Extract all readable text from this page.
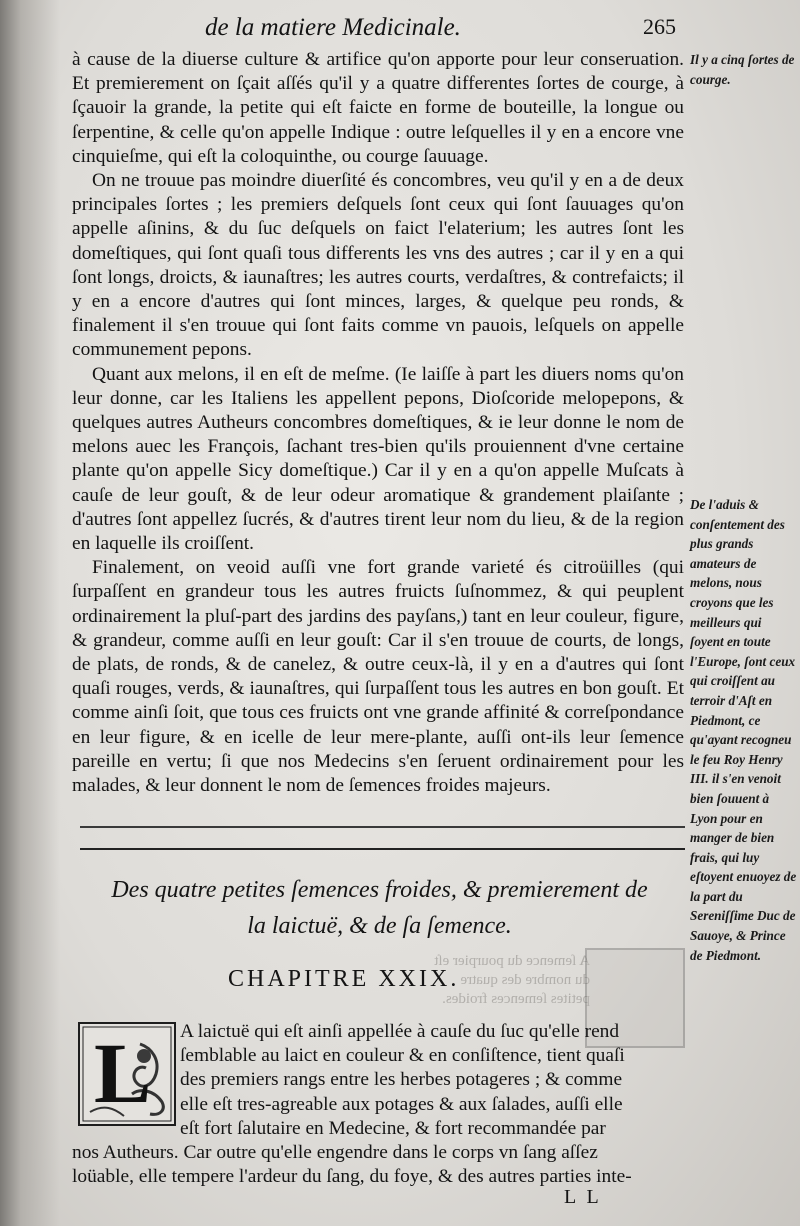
de la matiere Medicinale.	265

à cause de la diuerse culture & artifice qu'on apporte pour leur conseruation. Et premierement on ſçait aſſés qu'il y a quatre differentes ſortes de courge, à ſçauoir la grande, la petite qui eſt faicte en forme de bouteille, la longue ou ſerpentine, & celle qu'on appelle Indique : outre leſquelles il y en a encore vne cinquieſme, qui eſt la coloquinthe, ou courge ſauuage.

On ne trouue pas moindre diuerſité és concombres, veu qu'il y en a de deux principales ſortes ; les premiers deſquels ſont ceux qui ſont ſauuages qu'on appelle aſinins, & du ſuc deſquels on faict l'elaterium; les autres ſont les domeſtiques, qui ſont quaſi tous differents les vns des autres ; car il y en a qui ſont longs, droicts, & iaunaſtres; les autres courts, verdaſtres, & contrefaicts; il y en a encore d'autres qui ſont minces, larges, & quelque peu ronds, & finalement il s'en trouue qui ſont faits comme vn pauois, leſquels on appelle communement pepons.

Quant aux melons, il en eſt de meſme. (Ie laiſſe à part les diuers noms qu'on leur donne, car les Italiens les appellent pepons, Dioſcoride melopepons, & quelques autres Autheurs concombres domeſtiques, & ie leur donne le nom de melons auec les François, ſachant tres-bien qu'ils prouiennent d'vne certaine plante qu'on appelle Sicy domeſtique.) Car il y en a qu'on appelle Muſcats à cauſe de leur gouſt, & de leur odeur aromatique & grandement plaiſante ; d'autres ſont appellez ſucrés, & d'autres tirent leur nom du lieu, & de la region en laquelle ils croiſſent.

Finalement, on veoid auſſi vne fort grande varieté és citroüilles (qui ſurpaſſent en grandeur tous les autres fruicts ſuſnommez, & qui peuplent ordinairement la pluſ-part des jardins des payſans,) tant en leur couleur, figure, & grandeur, comme auſſi en leur gouſt: Car il s'en trouue de courts, de longs, de plats, de ronds, & de canelez, & outre ceux-là, il y en a d'autres qui ſont quaſi rouges, verds, & iaunaſtres, qui ſurpaſſent tous les autres en bon gouſt. Et comme ainſi ſoit, que tous ces fruicts ont vne grande affinité & correſpondance en leur figure, & en icelle de leur mere-plante, auſſi ont-ils leur ſemence pareille en vertu; ſi que nos Medecins s'en ſeruent ordinairement pour les malades, & leur donnent le nom de ſemences froides majeurs.

Il y a cinq ſortes de courge.
De l'aduis & conſentement des plus grands amateurs de melons, nous croyons que les meilleurs qui ſoyent en toute l'Europe, ſont ceux qui croiſſent au terroir d'Aſt en Piedmont, ce qu'ayant recogneu le feu Roy Henry III. il s'en venoit bien ſouuent à Lyon pour en manger de bien frais, qui luy eſtoyent enuoyez de la part du Sereniſſime Duc de Sauoye, & Prince de Piedmont.
Des quatre petites ſemences froides, & premierement de
la laictuë, & de ſa ſemence.
A ſemence du pourpier eſt du nombre des quatre petites ſemences froides.
CHAPITRE XXIX.
A laictuë qui eſt ainſi appellée à cauſe du ſuc qu'elle rend
ſemblable au laict en couleur & en conſiſtence, tient quaſi
des premiers rangs entre les herbes potageres ; & comme
elle eſt tres-agreable aux potages & aux ſalades, auſſi elle
eſt fort ſalutaire en Medecine, & fort recommandée par
nos Autheurs. Car outre qu'elle engendre dans le corps vn ſang aſſez
loüable, elle tempere l'ardeur du ſang, du foye, & des autres parties inte-
L
L L
